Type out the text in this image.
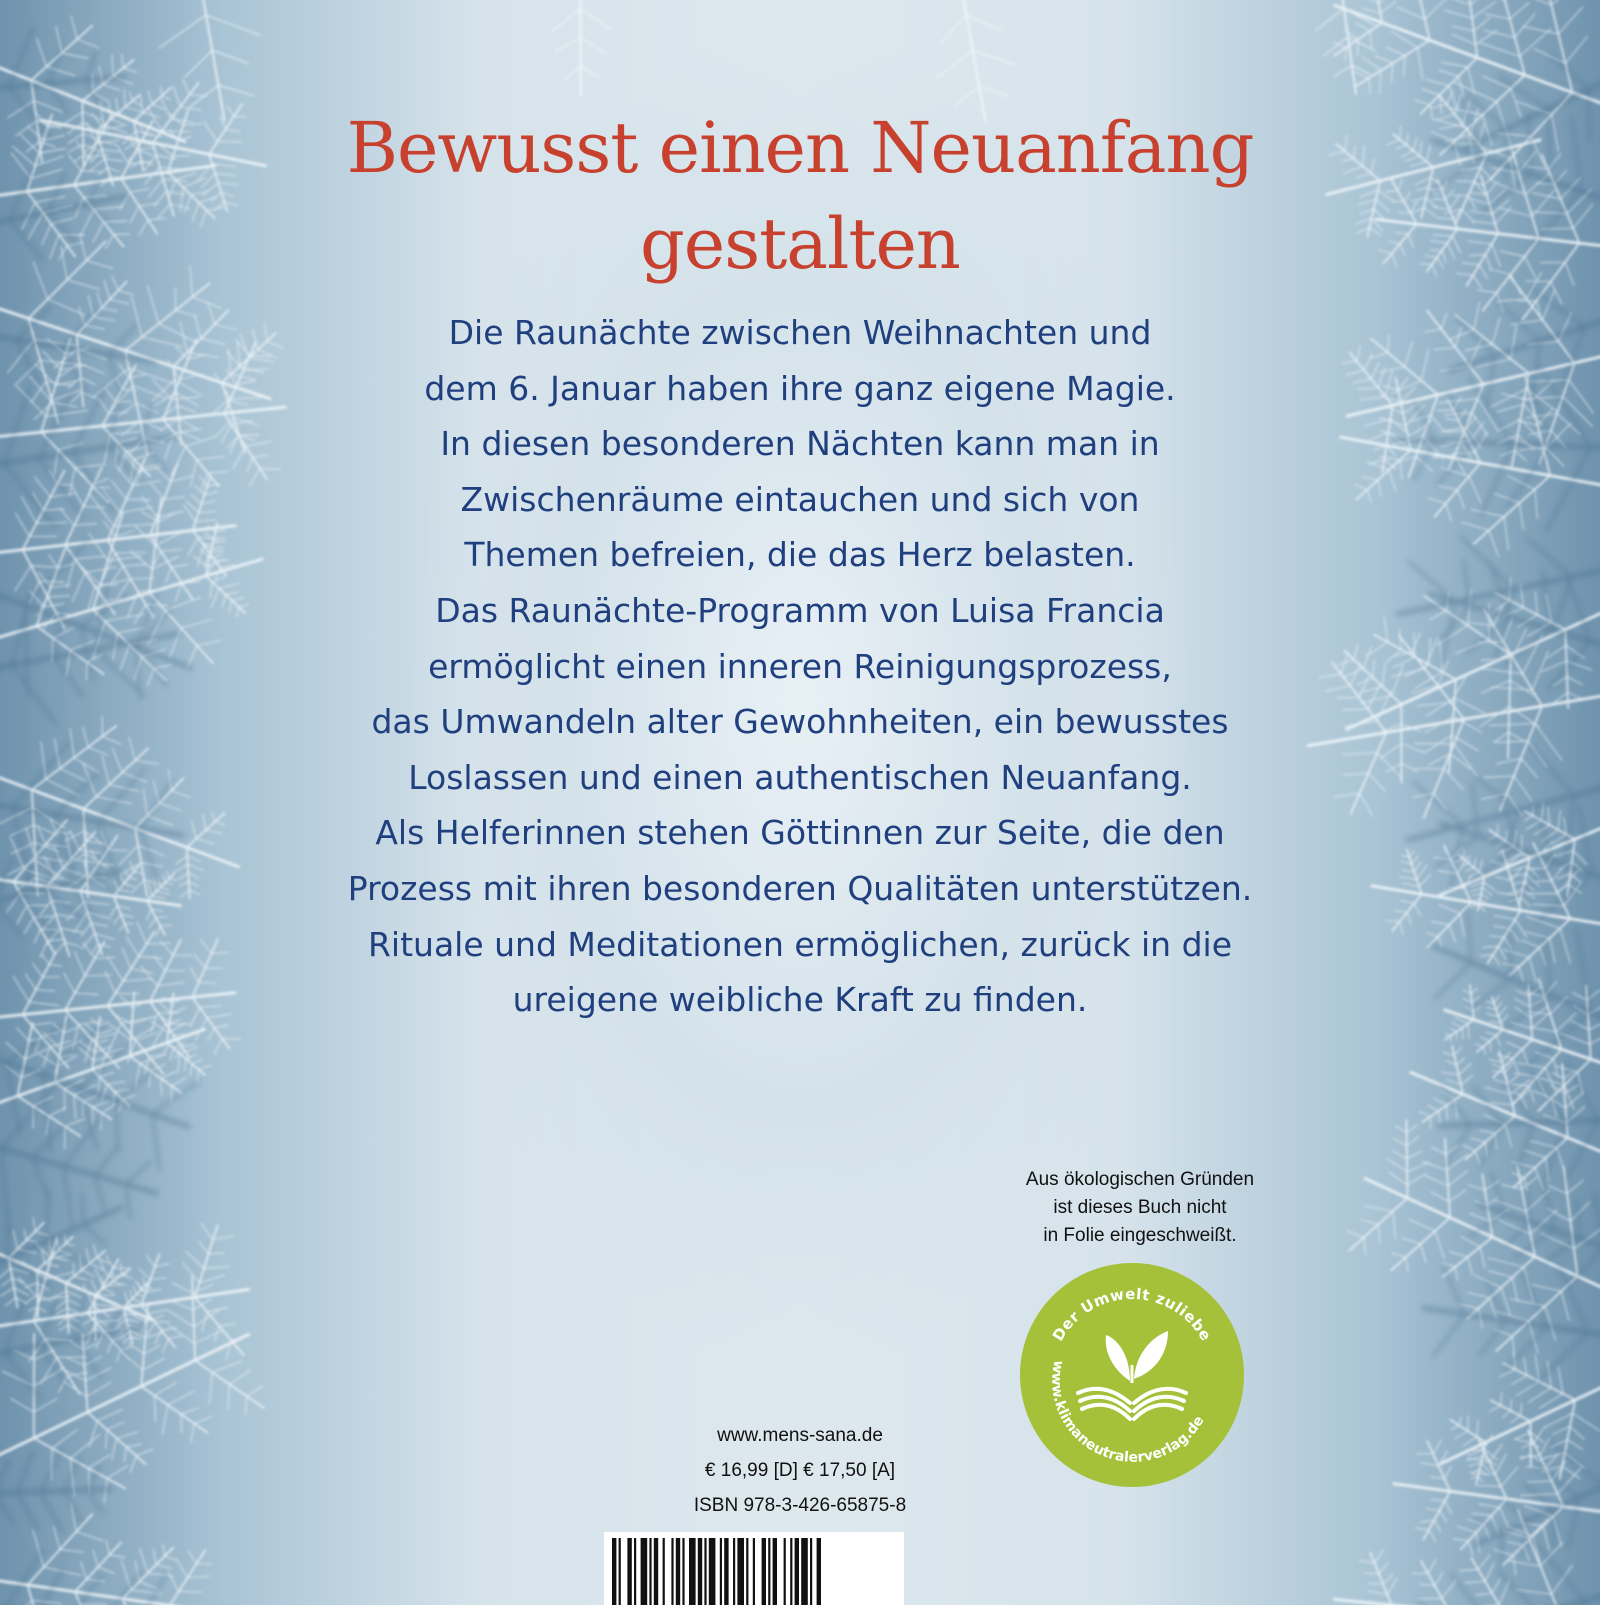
Bewusst einen Neuanfang
gestalten
Die Raunächte zwischen Weihnachten und
dem 6. Januar haben ihre ganz eigene Magie.
In diesen besonderen Nächten kann man in
Zwischenräume eintauchen und sich von
Themen befreien, die das Herz belasten.
Das Raunächte-Programm von Luisa Francia
ermöglicht einen inneren Reinigungsprozess,
das Umwandeln alter Gewohnheiten, ein bewusstes
Loslassen und einen authentischen Neuanfang.
Als Helferinnen stehen Göttinnen zur Seite, die den
Prozess mit ihren besonderen Qualitäten unterstützen.
Rituale und Meditationen ermöglichen, zurück in die
ureigene weibliche Kraft zu finden.
Aus ökologischen Gründen
ist dieses Buch nicht
in Folie eingeschweißt.
Der Umwelt zuliebe
www.klimaneutralerverlag.de
www.mens-sana.de
€ 16,99 [D] € 17,50 [A]
ISBN 978-3-426-65875-8
